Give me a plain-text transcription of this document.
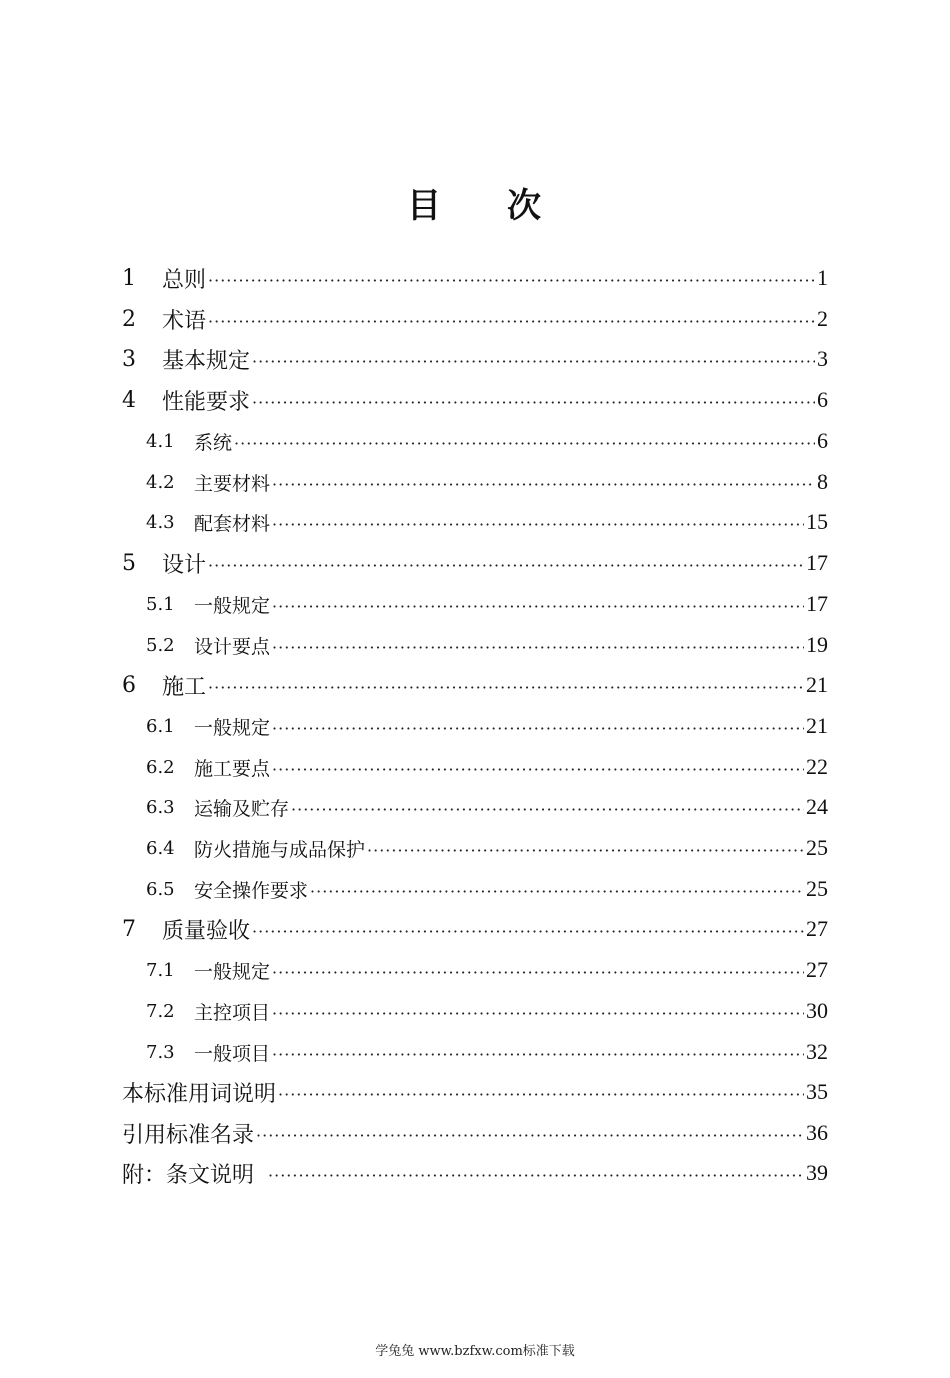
目 次
1	总则 ·····	1
2	术语 ·····	2
3	基本规定 ·····	3
4	性能要求 ·····	6
4.1	系统 ·····	6
4.2	主要材料 ·····	8
4.3	配套材料 ·····	15
5	设计 ·····	17
5.1	一般规定 ·····	17
5.2	设计要点 ·····	19
6	施工 ·····	21
6.1	一般规定 ·····	21
6.2	施工要点 ·····	22
6.3	运输及贮存 ·····	24
6.4	防火措施与成品保护 ·····	25
6.5	安全操作要求 ·····	25
7	质量验收 ·····	27
7.1	一般规定 ·····	27
7.2	主控项目 ·····	30
7.3	一般项目 ·····	32
本标准用词说明 ·····	35
引用标准名录 ·····	36
附：条文说明 ·····	39
学兔兔 www.bzfxw.com标准下载
